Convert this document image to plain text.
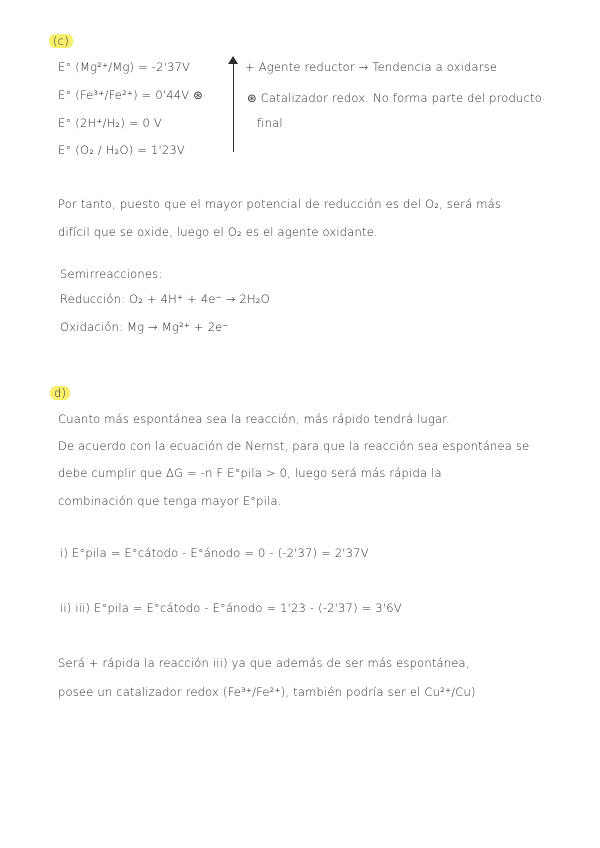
(c)
E° (Mg²⁺/Mg) = -2'37V
E° (Fe³⁺/Fe²⁺) = 0'44V ⊛
E° (2H⁺/H₂) = 0 V
E° (O₂ / H₂O) = 1'23V
+ Agente reductor → Tendencia a oxidarse
⊛ Catalizador redox. No forma parte del producto
final
Por tanto, puesto que el mayor potencial de reducción es del O₂, será más
difícil que se oxide, luego el O₂ es el agente oxidante.
Semirreacciones:
Reducción: O₂ + 4H⁺ + 4e⁻ → 2H₂O
Oxidación: Mg → Mg²⁺ + 2e⁻
d)
Cuanto más espontánea sea la reacción, más rápido tendrá lugar.
De acuerdo con la ecuación de Nernst, para que la reacción sea espontánea se
debe cumplir que ΔG = -n F E°pila > 0, luego será más rápida la
combinación que tenga mayor E°pila.
i) E°pila = E°cátodo - E°ánodo = 0 - (-2'37) = 2'37V
ii) iii) E°pila = E°cátodo - E°ánodo = 1'23 - (-2'37) = 3'6V
Será + rápida la reacción iii) ya que además de ser más espontánea,
posee un catalizador redox (Fe³⁺/Fe²⁺), también podría ser el Cu²⁺/Cu)
